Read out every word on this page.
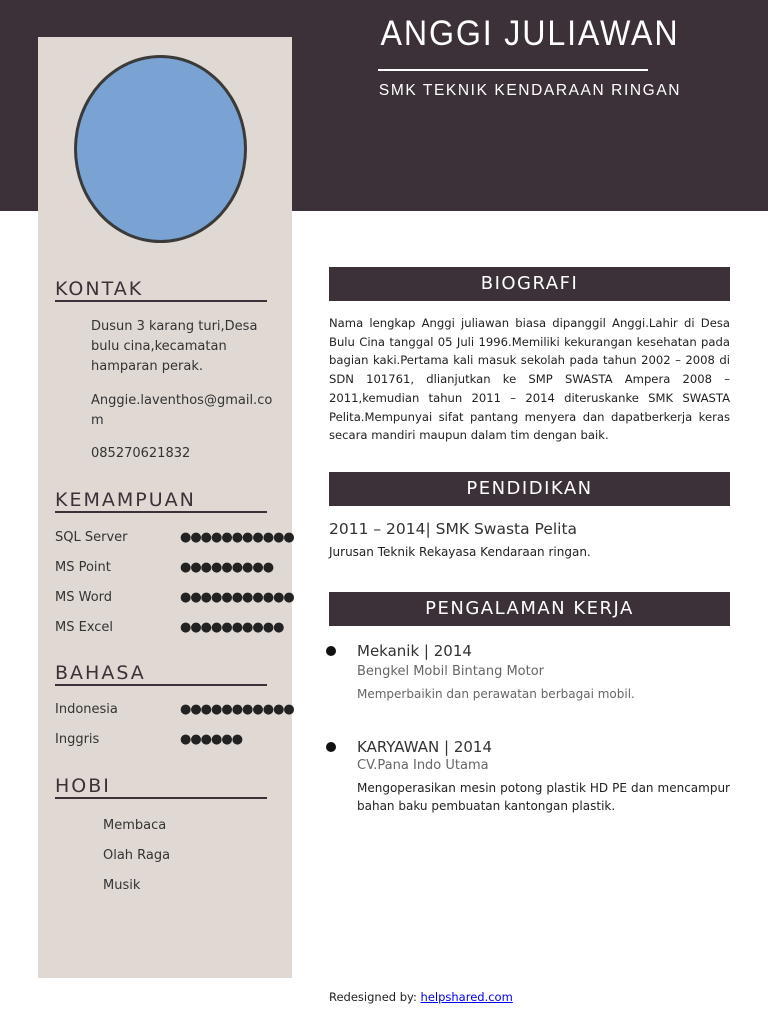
KONTAK
Dusun 3 karang turi,Desa bulu cina,kecamatan hamparan perak.
Anggie.laventhos@gmail.co
m
085270621832
KEMAMPUAN
SQL Server	●●●●●●●●●●●
MS Point	●●●●●●●●●
MS Word	●●●●●●●●●●●
MS Excel	●●●●●●●●●●
BAHASA
Indonesia	●●●●●●●●●●●
Inggris	●●●●●●
HOBI
Membaca
Olah Raga
Musik
ANGGI JULIAWAN
SMK TEKNIK KENDARAAN RINGAN
BIOGRAFI
Nama lengkap Anggi juliawan biasa dipanggil Anggi.Lahir di Desa Bulu Cina tanggal 05 Juli 1996.Memiliki kekurangan kesehatan pada bagian kaki.Pertama kali masuk sekolah pada tahun 2002 – 2008 di SDN 101761, dlianjutkan ke SMP SWASTA Ampera 2008 – 2011,kemudian tahun 2011 – 2014 diteruskanke SMK SWASTA Pelita.Mempunyai sifat pantang menyera dan dapatberkerja keras secara mandiri maupun dalam tim dengan baik.
PENDIDIKAN
2011 – 2014| SMK Swasta Pelita
Jurusan Teknik Rekayasa Kendaraan ringan.
PENGALAMAN KERJA
Mekanik | 2014
Bengkel Mobil Bintang Motor
Memperbaikin dan perawatan berbagai mobil.
KARYAWAN | 2014
CV.Pana Indo Utama
Mengoperasikan mesin potong plastik HD PE dan mencampur bahan baku pembuatan kantongan plastik.
Redesigned by: helpshared.com
